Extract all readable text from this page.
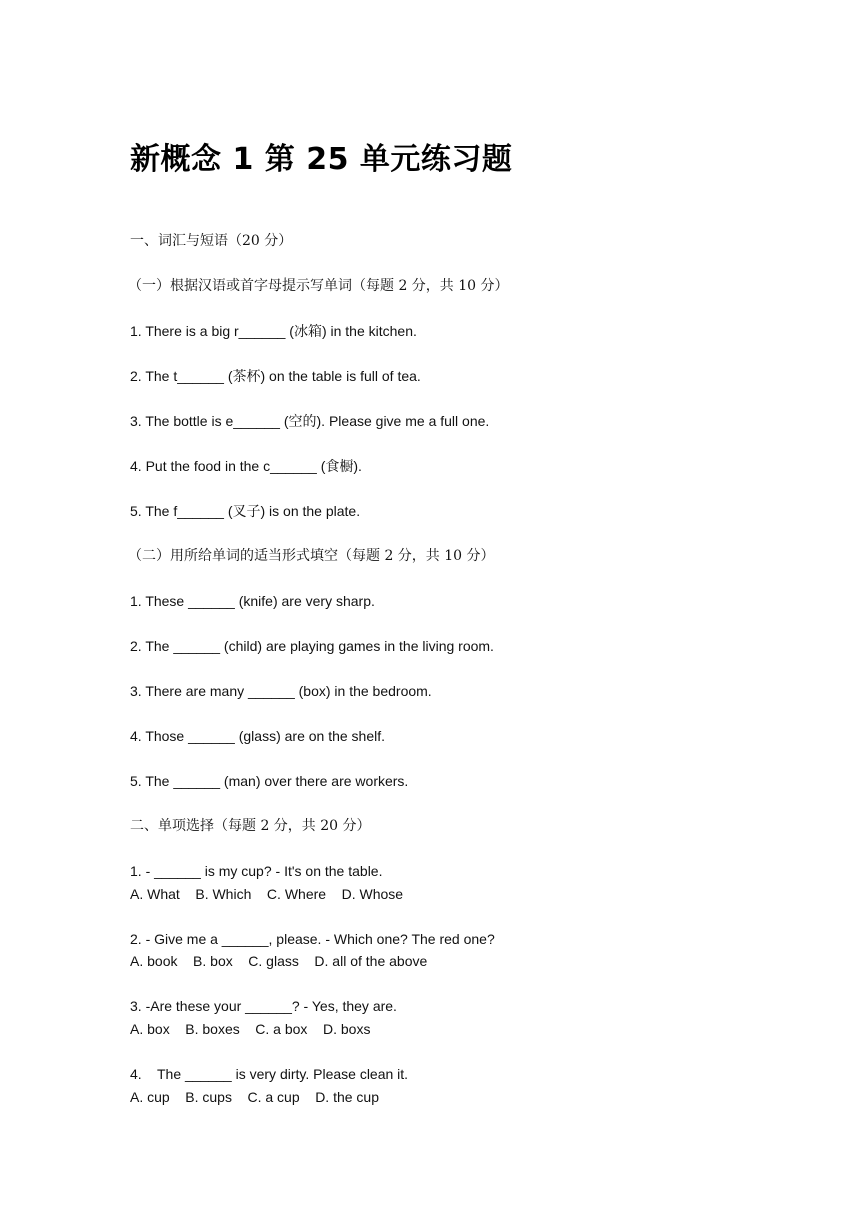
新概念 1 第 25 单元练习题
一、词汇与短语（20 分）
（一）根据汉语或首字母提示写单词（每题 2 分，共 10 分）
1. There is a big r______ (冰箱) in the kitchen.
2. The t______ (茶杯) on the table is full of tea.
3. The bottle is e______ (空的). Please give me a full one.
4. Put the food in the c______ (食橱).
5. The f______ (叉子) is on the plate.
（二）用所给单词的适当形式填空（每题 2 分，共 10 分）
1. These ______ (knife) are very sharp.
2. The ______ (child) are playing games in the living room.
3. There are many ______ (box) in the bedroom.
4. Those ______ (glass) are on the shelf.
5. The ______ (man) over there are workers.
二、单项选择（每题 2 分，共 20 分）
1. - ______ is my cup? - It's on the table.
A. What    B. Which    C. Where    D. Whose
2. - Give me a ______, please. - Which one? The red one?
A. book    B. box    C. glass    D. all of the above
3. -Are these your ______? - Yes, they are.
A. box    B. boxes    C. a box    D. boxs
4.    The ______ is very dirty. Please clean it.
A. cup    B. cups    C. a cup    D. the cup
